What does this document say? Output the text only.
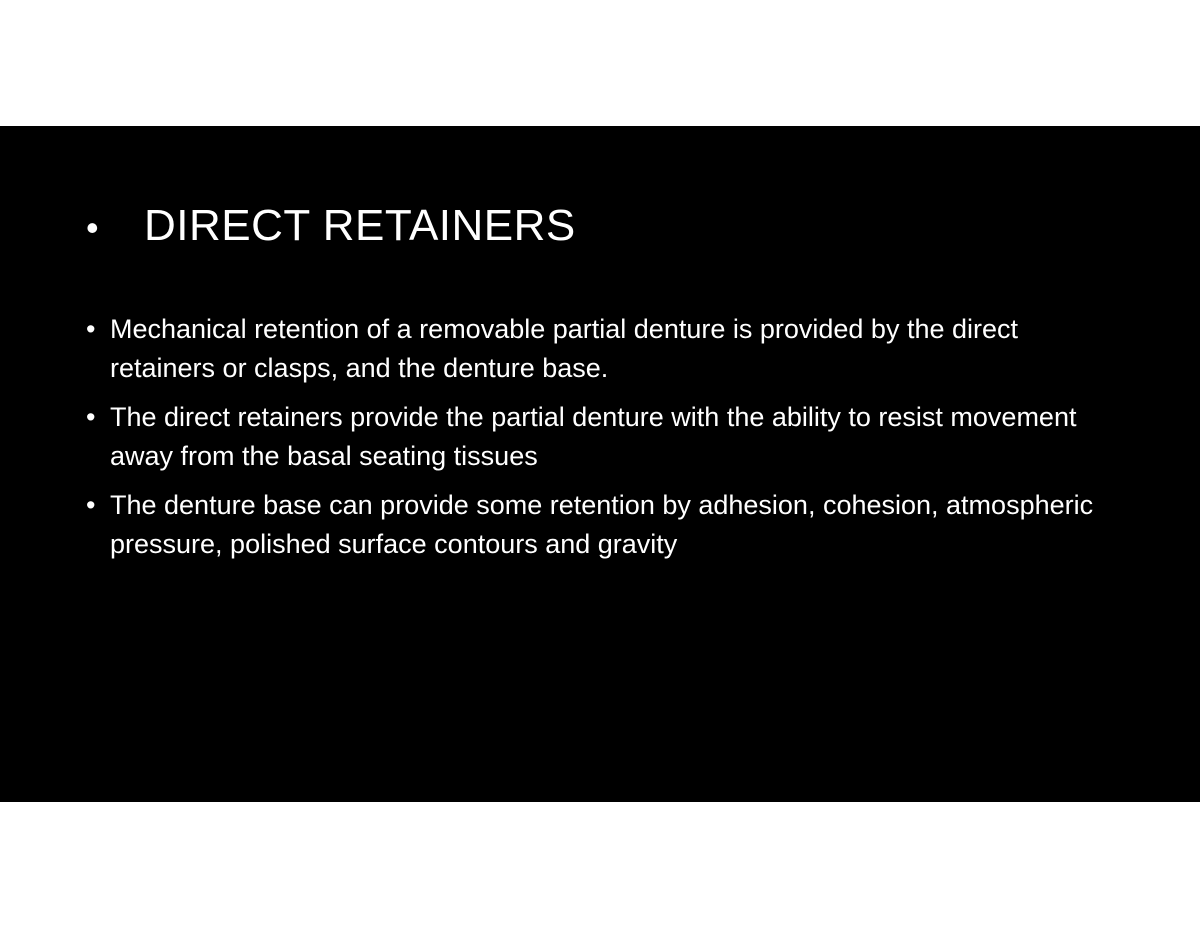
•	DIRECT RETAINERS
• Mechanical retention of a removable partial denture is provided by the direct retainers or clasps, and the denture base.
• The direct retainers provide the partial denture with the ability to resist movement away from the basal seating tissues
• The denture base can provide some retention by adhesion, cohesion, atmospheric pressure, polished surface contours and gravity
